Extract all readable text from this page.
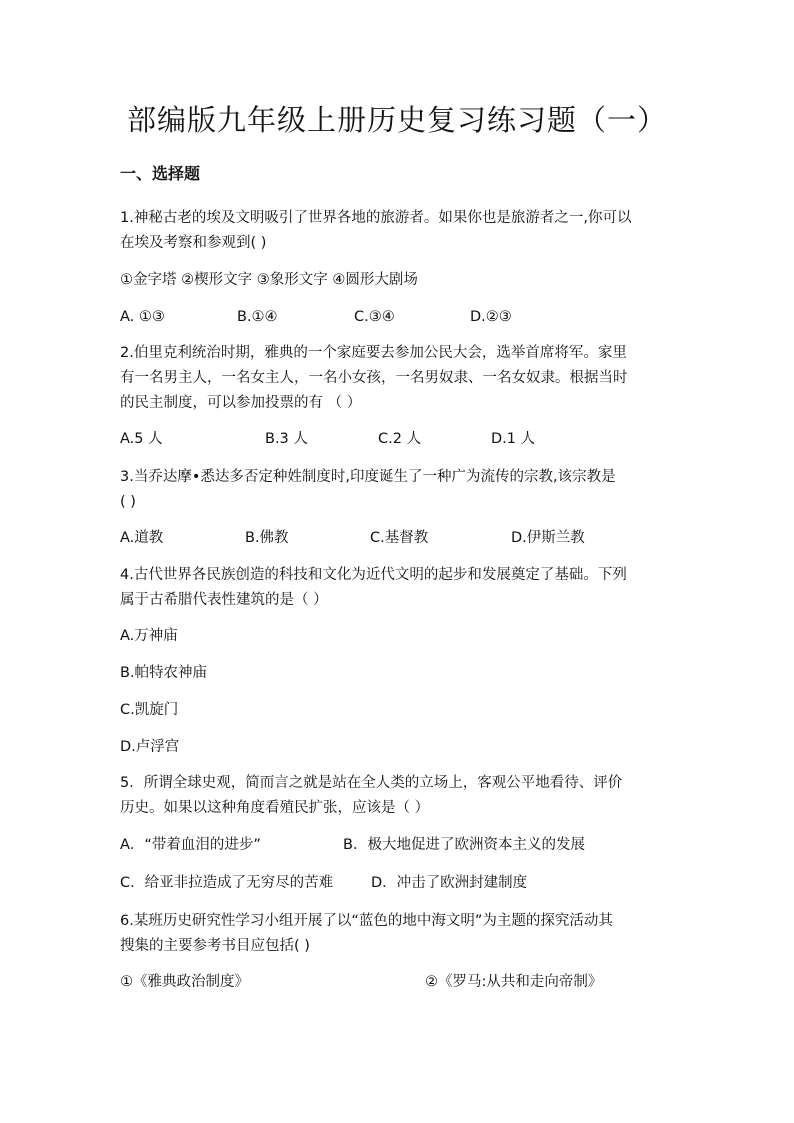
部编版九年级上册历史复习练习题（一）
一、选择题
1.神秘古老的埃及文明吸引了世界各地的旅游者。如果你也是旅游者之一,你可以
在埃及考察和参观到( )
①金字塔 ②楔形文字 ③象形文字 ④圆形大剧场
A. ①③	B.①④	C.③④	D.②③
2.伯里克利统治时期，雅典的一个家庭要去参加公民大会，选举首席将军。家里
有一名男主人，一名女主人，一名小女孩，一名男奴隶、一名女奴隶。根据当时
的民主制度，可以参加投票的有 （ ）
A.5 人	B.3 人	C.2 人	D.1 人
3.当乔达摩•悉达多否定种姓制度时,印度诞生了一种广为流传的宗教,该宗教是
( )
A.道教	B.佛教	C.基督教	D.伊斯兰教
4.古代世界各民族创造的科技和文化为近代文明的起步和发展奠定了基础。下列
属于古希腊代表性建筑的是（ ）
A.万神庙
B.帕特农神庙
C.凯旋门
D.卢浮宫
5．所谓全球史观，简而言之就是站在全人类的立场上，客观公平地看待、评价
历史。如果以这种角度看殖民扩张，应该是（ ）
A．“带着血泪的进步”	B．极大地促进了欧洲资本主义的发展
C．给亚非拉造成了无穷尽的苦难	D．冲击了欧洲封建制度
6.某班历史研究性学习小组开展了以“蓝色的地中海文明”为主题的探究活动其
搜集的主要参考书目应包括( )
①《雅典政治制度》	②《罗马:从共和走向帝制》
